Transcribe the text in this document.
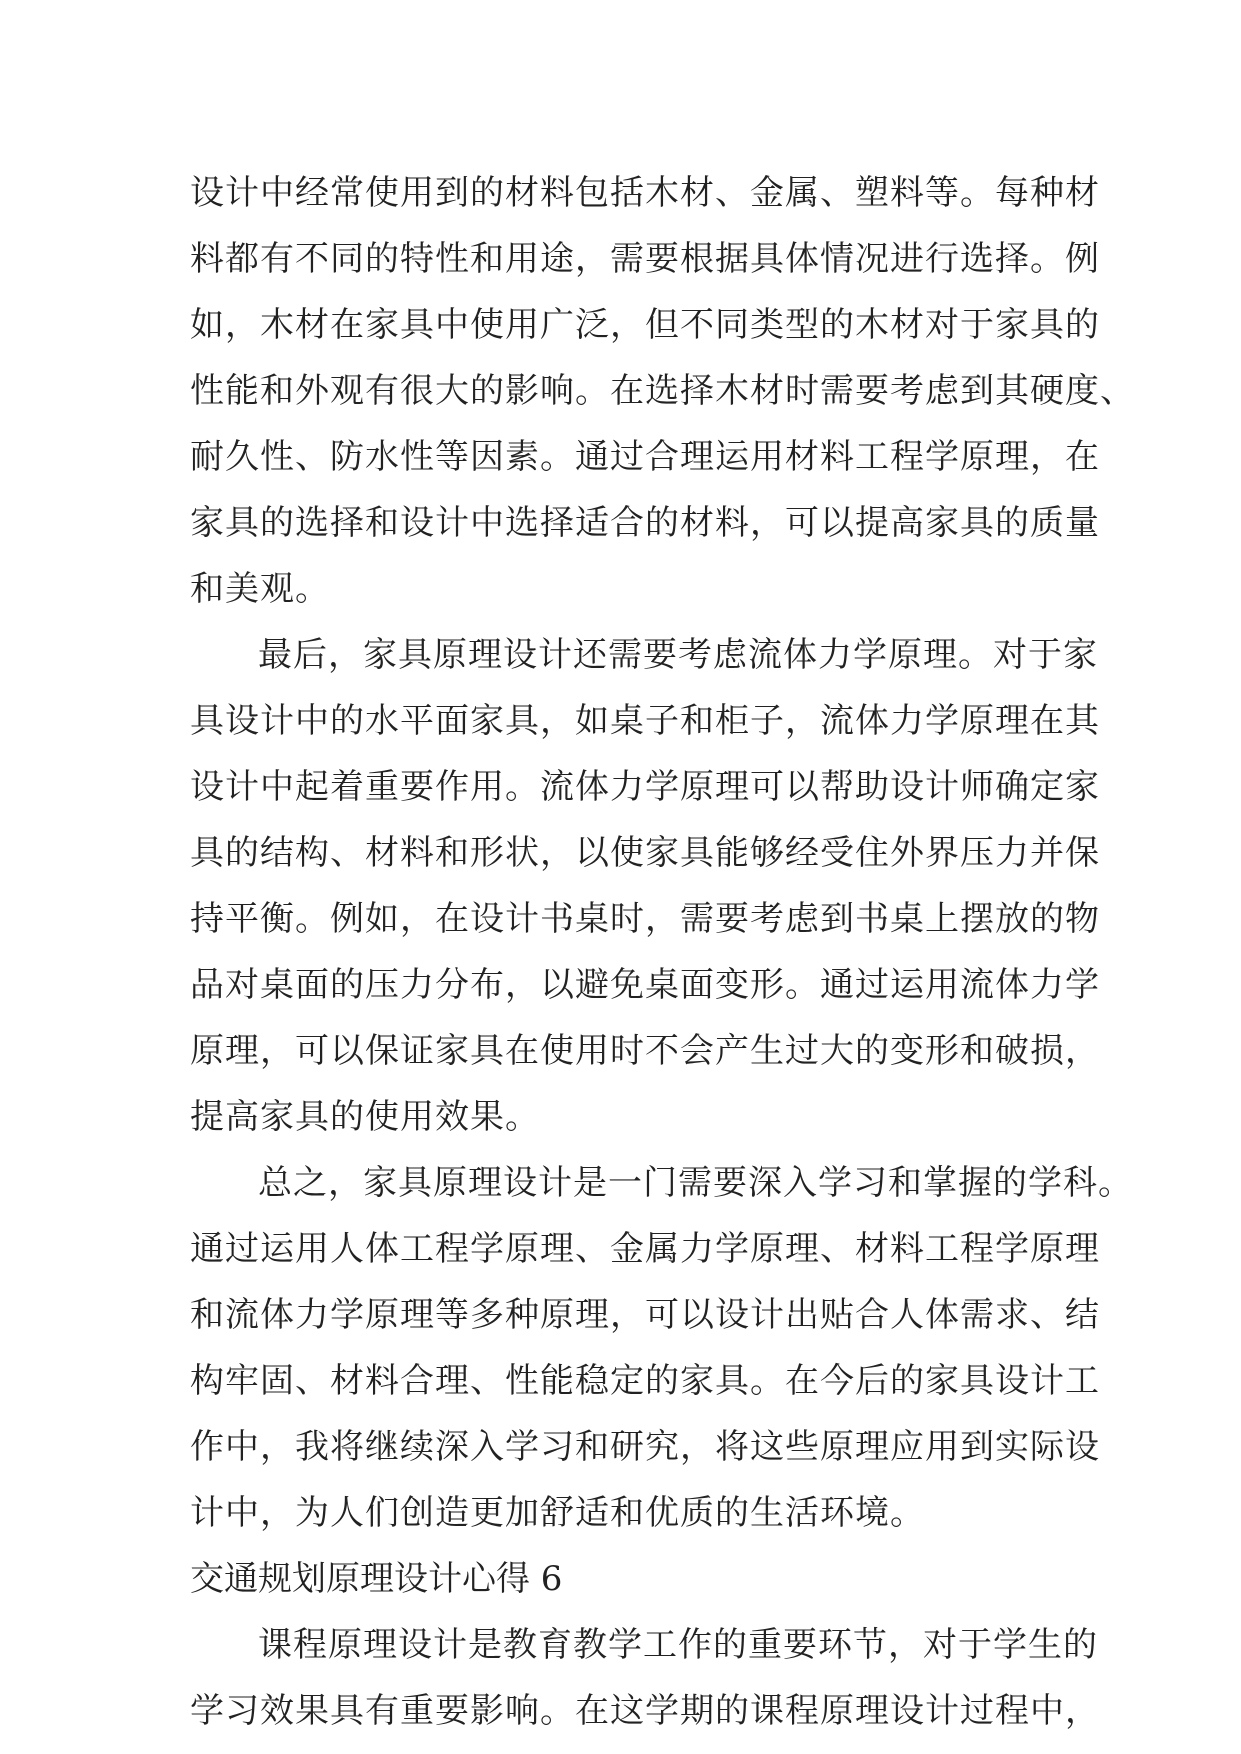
设计中经常使用到的材料包括木材、金属、塑料等。每种材
料都有不同的特性和用途，需要根据具体情况进行选择。例
如，木材在家具中使用广泛，但不同类型的木材对于家具的
性能和外观有很大的影响。在选择木材时需要考虑到其硬度、
耐久性、防水性等因素。通过合理运用材料工程学原理，在
家具的选择和设计中选择适合的材料，可以提高家具的质量
和美观。
最后，家具原理设计还需要考虑流体力学原理。对于家
具设计中的水平面家具，如桌子和柜子，流体力学原理在其
设计中起着重要作用。流体力学原理可以帮助设计师确定家
具的结构、材料和形状，以使家具能够经受住外界压力并保
持平衡。例如，在设计书桌时，需要考虑到书桌上摆放的物
品对桌面的压力分布，以避免桌面变形。通过运用流体力学
原理，可以保证家具在使用时不会产生过大的变形和破损，
提高家具的使用效果。
总之，家具原理设计是一门需要深入学习和掌握的学科。
通过运用人体工程学原理、金属力学原理、材料工程学原理
和流体力学原理等多种原理，可以设计出贴合人体需求、结
构牢固、材料合理、性能稳定的家具。在今后的家具设计工
作中，我将继续深入学习和研究，将这些原理应用到实际设
计中，为人们创造更加舒适和优质的生活环境。
交通规划原理设计心得 6
课程原理设计是教育教学工作的重要环节，对于学生的
学习效果具有重要影响。在这学期的课程原理设计过程中，
